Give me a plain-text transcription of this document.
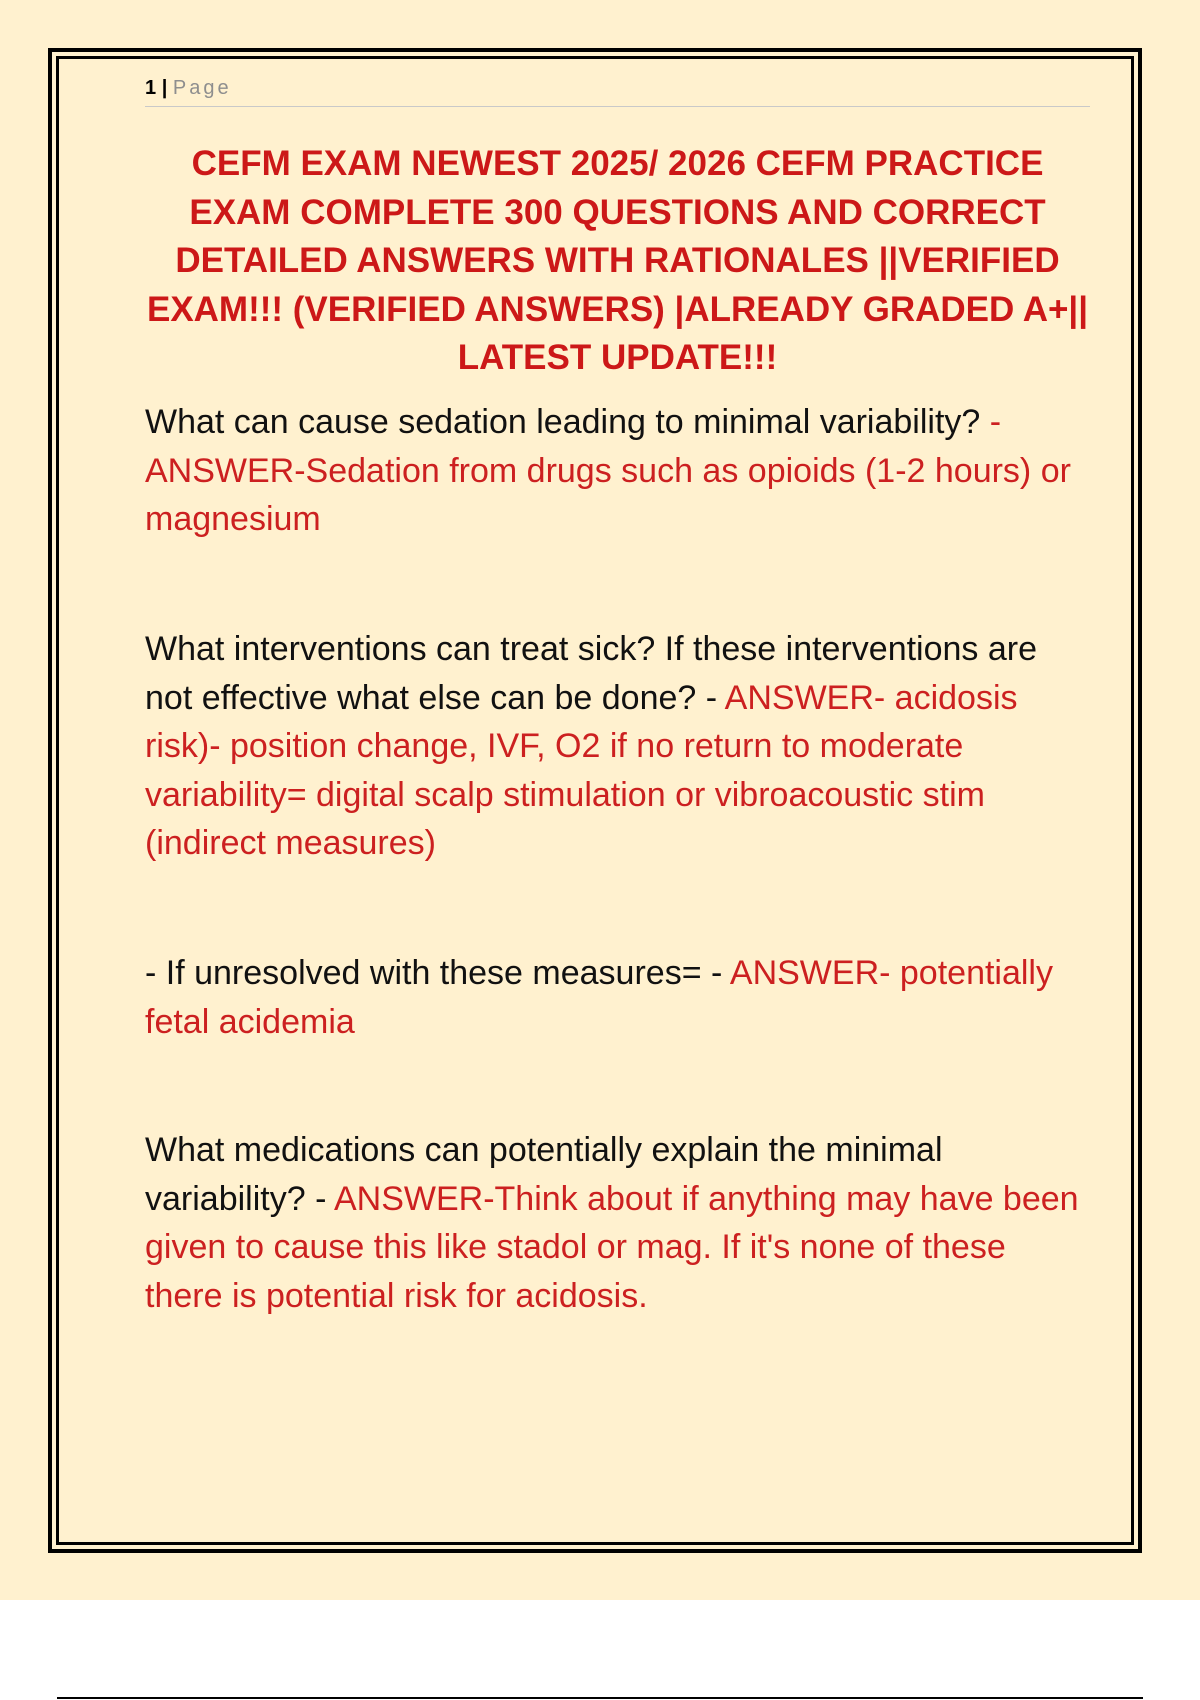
1 | Page
CEFM EXAM NEWEST 2025/ 2026 CEFM PRACTICE EXAM COMPLETE 300 QUESTIONS AND CORRECT DETAILED ANSWERS WITH RATIONALES ||VERIFIED EXAM!!! (VERIFIED ANSWERS) |ALREADY GRADED A+|| LATEST UPDATE!!!

What can cause sedation leading to minimal variability? - ANSWER-Sedation from drugs such as opioids (1-2 hours) or magnesium

What interventions can treat sick? If these interventions are not effective what else can be done? - ANSWER- acidosis risk)- position change, IVF, O2 if no return to moderate variability= digital scalp stimulation or vibroacoustic stim (indirect measures)

- If unresolved with these measures= - ANSWER- potentially fetal acidemia

What medications can potentially explain the minimal variability? - ANSWER-Think about if anything may have been given to cause this like stadol or mag. If it's none of these there is potential risk for acidosis.
